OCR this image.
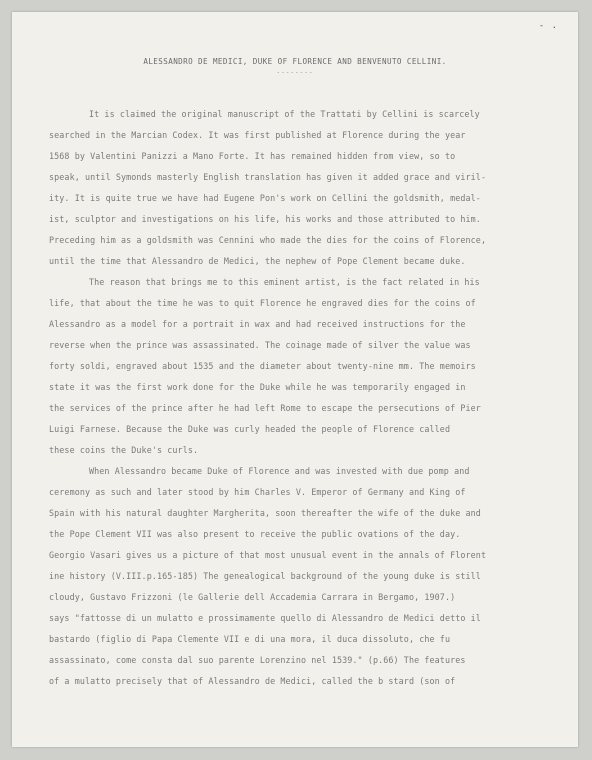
- .
ALESSANDRO DE MEDICI, DUKE OF FLORENCE AND BENVENUTO CELLINI.
--------
It is claimed the original manuscript of the Trattati by Cellini is scarcely
searched in the Marcian Codex. It was first published at Florence during the year
1568 by Valentini Panizzi a Mano Forte. It has remained hidden from view, so to
speak, until Symonds masterly English translation has given it added grace and viril-
ity. It is quite true we have had Eugene Pon's work on Cellini the goldsmith, medal-
ist, sculptor and investigations on his life, his works and those attributed to him.
Preceding him as a goldsmith was Cennini who made the dies for the coins of Florence,
until the time that Alessandro de Medici, the nephew of Pope Clement became duke.
The reason that brings me to this eminent artist, is the fact related in his
life, that about the time he was to quit Florence he engraved dies for the coins of
Alessandro as a model for a portrait in wax and had received instructions for the
reverse when the prince was assassinated. The coinage made of silver the value was
forty soldi, engraved about 1535 and the diameter about twenty-nine mm. The memoirs
state it was the first work done for the Duke while he was temporarily engaged in
the services of the prince after he had left Rome to escape the persecutions of Pier
Luigi Farnese. Because the Duke was curly headed the people of Florence called
these coins the Duke's curls.
When Alessandro became Duke of Florence and was invested with due pomp and
ceremony as such and later stood by him Charles V. Emperor of Germany and King of
Spain with his natural daughter Margherita, soon thereafter the wife of the duke and
the Pope Clement VII was also present to receive the public ovations of the day.
Georgio Vasari gives us a picture of that most unusual event in the annals of Florent
ine history (V.III.p.165-185) The genealogical background of the young duke is still
cloudy, Gustavo Frizzoni (le Gallerie dell Accademia Carrara in Bergamo, 1907.)
says "fattosse di un mulatto e prossimamente quello di Alessandro de Medici detto il
bastardo (figlio di Papa Clemente VII e di una mora, il duca dissoluto, che fu
assassinato, come consta dal suo parente Lorenzino nel 1539." (p.66) The features
of a mulatto precisely that of Alessandro de Medici, called the b stard (son of
